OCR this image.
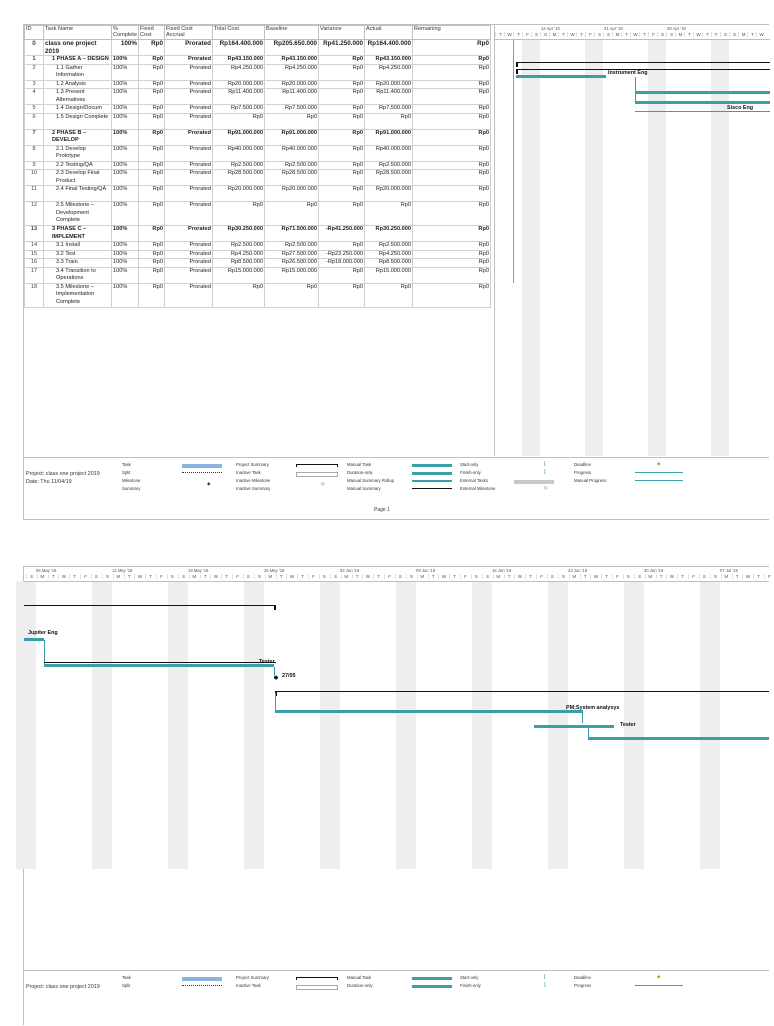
ID	Task Name	% Complete	Fixed Cost	Fixed Cost Accrual	Total Cost	Baseline	Variance	Actual	Remaining
0	class one project 2019	100%	Rp0	Prorated	Rp164.400.000	Rp205.650.000	Rp41.250.000	Rp164.400.000	Rp0
1	1 PHASE A – DESIGN	100%	Rp0	Prorated	Rp43.150.000	Rp43.150.000	Rp0	Rp43.150.000	Rp0
2	1.1 Gather Information	100%	Rp0	Prorated	Rp4.250.000	Rp4.250.000	Rp0	Rp4.250.000	Rp0
3	1.2 Analysis	100%	Rp0	Prorated	Rp20.000.000	Rp20.000.000	Rp0	Rp20.000.000	Rp0
4	1.3 Present Alternatives	100%	Rp0	Prorated	Rp11.400.000	Rp11.400.000	Rp0	Rp11.400.000	Rp0
5	1.4 Design/Docum	100%	Rp0	Prorated	Rp7.500.000	Rp7.500.000	Rp0	Rp7.500.000	Rp0
6	1.5 Design Complete	100%	Rp0	Prorated	Rp0	Rp0	Rp0	Rp0	Rp0
7	2 PHASE B – DEVELOP	100%	Rp0	Prorated	Rp91.000.000	Rp91.000.000	Rp0	Rp91.000.000	Rp0
8	2.1 Develop Prototype	100%	Rp0	Prorated	Rp40.000.000	Rp40.000.000	Rp0	Rp40.000.000	Rp0
9	2.2 Testing/QA	100%	Rp0	Prorated	Rp2.500.000	Rp2.500.000	Rp0	Rp2.500.000	Rp0
10	2.3 Develop Final Product	100%	Rp0	Prorated	Rp28.500.000	Rp28.500.000	Rp0	Rp28.500.000	Rp0
11	2.4 Final Testing/QA	100%	Rp0	Prorated	Rp20.000.000	Rp20.000.000	Rp0	Rp20.000.000	Rp0
12	2.5 Milestone – Development Complete	100%	Rp0	Prorated	Rp0	Rp0	Rp0	Rp0	Rp0
13	3 PHASE C – IMPLEMENT	100%	Rp0	Prorated	Rp30.250.000	Rp71.500.000	-Rp41.250.000	Rp30.250.000	Rp0
14	3.1 Install	100%	Rp0	Prorated	Rp2.500.000	Rp2.500.000	Rp0	Rp2.500.000	Rp0
15	3.2 Test	100%	Rp0	Prorated	Rp4.250.000	Rp27.500.000	-Rp23.250.000	Rp4.250.000	Rp0
16	3.3 Train	100%	Rp0	Prorated	Rp8.500.000	Rp26.500.000	-Rp18.000.000	Rp8.500.000	Rp0
17	3.4 Transition to Operations	100%	Rp0	Prorated	Rp15.000.000	Rp15.000.000	Rp0	Rp15.000.000	Rp0
18	3.5 Milestone – Implementation Complete	100%	Rp0	Prorated	Rp0	Rp0	Rp0	Rp0	Rp0
14 Apr '19	21 Apr '19	28 Apr '19
T	W	T	F	S	S	M	T	W	T	F	S	S	M	T	W	T	F	S	S	M	T	W	T	F	S	S	M	T	W
Instrument Eng
Sisco Eng
Project: class one project 2019
Date: Thu 11/04/19
Task
Split
Milestone
Summary
Project Summary
Inactive Task
Inactive Milestone
Inactive Summary
Manual Task
Duration-only
Manual Summary Rollup
Manual Summary
Start-only
Finish-only
External Tasks
External Milestone
Deadline
Progress
Manual Progress
◆	◇
[
]
◇
◆
Page 1
05 May '19	12 May '19	19 May '19	26 May '19	02 Jun '19	09 Jun '19	16 Jun '19	23 Jun '19	30 Jun '19	07 Jul '19
S	M	T	W	T	F	S	S	M	T	W	T	F	S	S	M	T	W	T	F	S	S	M	T	W	T	F	S	S	M	T	W	T	F	S	S	M	T	W	T	F	S	S	M	T	W	T	F	S	S	M	T	W	T	F	S	S	M	T	W	T	F	S	S	M	T	W	T	F
Jupiter Eng
Tester
◆ 27/05
PM;System analysys
Tester
Project: class one project 2019
Task
Split
Project Summary
Inactive Task
Manual Task
Duration-only
Start-only
Finish-only
Deadline
Progress
[
]
◆
